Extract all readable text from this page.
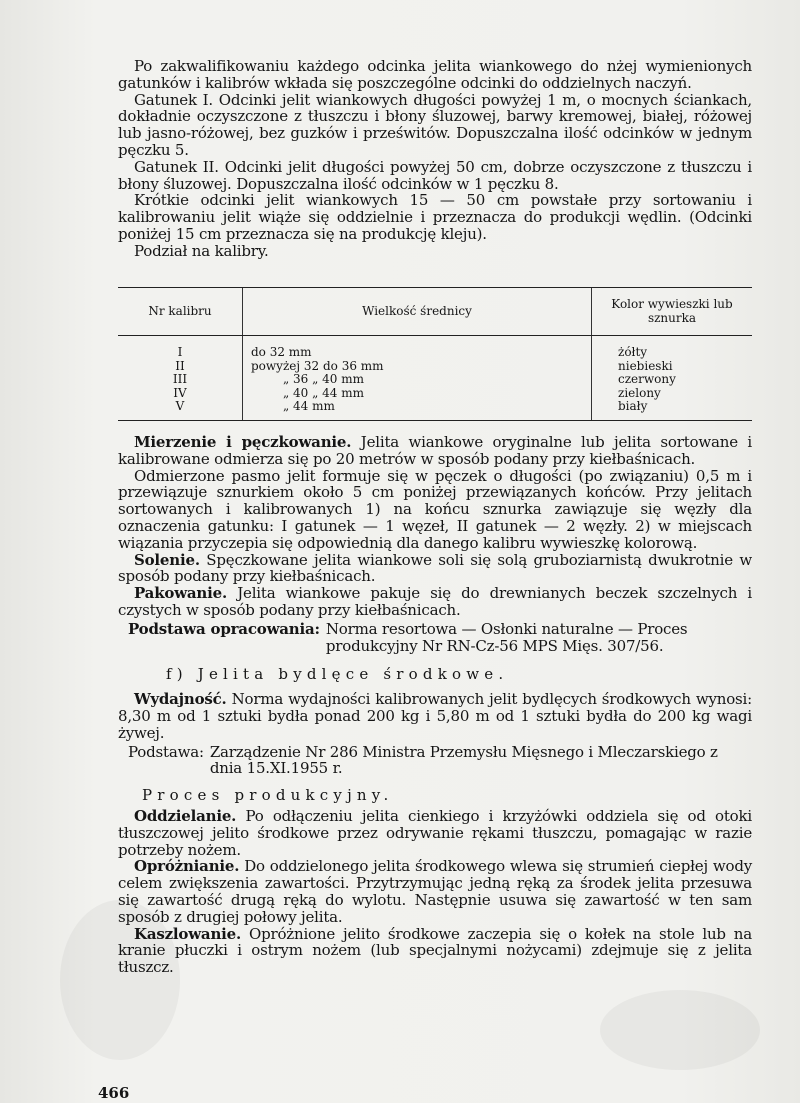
Po zakwalifikowaniu każdego odcinka jelita wiankowego do nżej wymienionych gatunków i kalibrów wkłada się poszczególne odcinki do oddzielnych naczyń.

Gatunek I. Odcinki jelit wiankowych długości powyżej 1 m, o mocnych ściankach, dokładnie oczyszczone z tłuszczu i błony śluzowej, barwy kremowej, białej, różowej lub jasno-różowej, bez guzków i prześwitów. Dopuszczalna ilość odcinków w jednym pęczku 5.

Gatunek II. Odcinki jelit długości powyżej 50 cm, dobrze oczyszczone z tłuszczu i błony śluzowej. Dopuszczalna ilość odcinków w 1 pęczku 8.

Krótkie odcinki jelit wiankowych 15 — 50 cm powstałe przy sortowaniu i kalibrowaniu jelit wiąże się oddzielnie i przeznacza do produkcji wędlin. (Odcinki poniżej 15 cm przeznacza się na produkcję kleju).

Podział na kalibry.

Nr kalibru	Wielkość średnicy	Kolor wywieszki lub sznurka

I	do 32 mm	żółty
II	powyżej 32 do 36 mm	niebieski
III	„ 36 „ 40 mm	czerwony
IV	„ 40 „ 44 mm	zielony
V	„ 44 mm	biały

Mierzenie i pęczkowanie. Jelita wiankowe oryginalne lub jelita sortowane i kalibrowane odmierza się po 20 metrów w sposób podany przy kiełbaśnicach.

Odmierzone pasmo jelit formuje się w pęczek o długości (po związaniu) 0,5 m i przewiązuje sznurkiem około 5 cm poniżej przewiązanych końców. Przy jelitach sortowanych i kalibrowanych 1) na końcu sznurka zawiązuje się węzły dla oznaczenia gatunku: I gatunek — 1 węzeł, II gatunek — 2 węzły. 2) w miejscach wiązania przyczepia się odpowiednią dla danego kalibru wywieszkę kolorową.

Solenie. Spęczkowane jelita wiankowe soli się solą gruboziarnistą dwukrotnie w sposób podany przy kiełbaśnicach.

Pakowanie. Jelita wiankowe pakuje się do drewnianych beczek szczelnych i czystych w sposób podany przy kiełbaśnicach.

Podstawa opracowania: Norma resortowa — Osłonki naturalne — Proces produkcyjny Nr RN-Cz-56 MPS Mięs. 307/56.

f) Jelita bydlęce środkowe.

Wydajność. Norma wydajności kalibrowanych jelit bydlęcych środkowych wynosi: 8,30 m od 1 sztuki bydła ponad 200 kg i 5,80 m od 1 sztuki bydła do 200 kg wagi żywej.

Podstawa: Zarządzenie Nr 286 Ministra Przemysłu Mięsnego i Mleczarskiego z dnia 15.XI.1955 r.

Proces produkcyjny.

Oddzielanie. Po odłączeniu jelita cienkiego i krzyżówki oddziela się od otoki tłuszczowej jelito środkowe przez odrywanie rękami tłuszczu, pomagając w razie potrzeby nożem.

Opróżnianie. Do oddzielonego jelita środkowego wlewa się strumień ciepłej wody celem zwiększenia zawartości. Przytrzymując jedną ręką za środek jelita przesuwa się zawartość drugą ręką do wylotu. Następnie usuwa się zawartość w ten sam sposób z drugiej połowy jelita.

Kaszlowanie. Opróżnione jelito środkowe zaczepia się o kołek na stole lub na kranie płuczki i ostrym nożem (lub specjalnymi nożycami) zdejmuje się z jelita tłuszcz.

466
